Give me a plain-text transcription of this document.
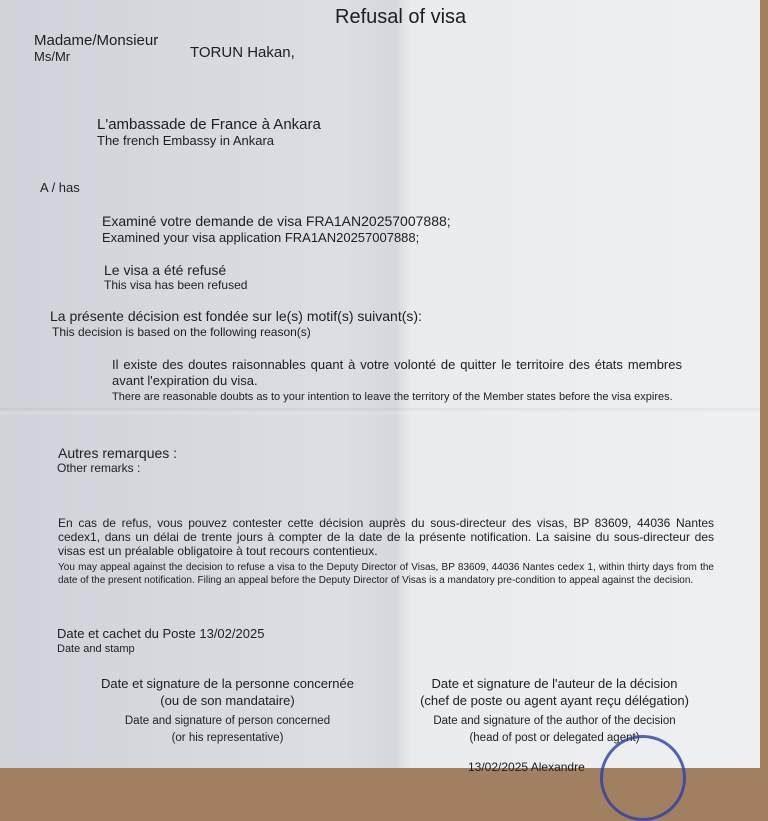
Refusal of visa
Madame/Monsieur
Ms/Mr	TORUN Hakan,
L'ambassade de France à Ankara
The french Embassy in Ankara
A / has
Examiné votre demande de visa FRA1AN20257007888;
Examined your visa application FRA1AN20257007888;
Le visa a été refusé
This visa has been refused
La présente décision est fondée sur le(s) motif(s) suivant(s):
This decision is based on the following reason(s)
Il existe des doutes raisonnables quant à votre volonté de quitter le territoire des états membres avant l'expiration du visa.
There are reasonable doubts as to your intention to leave the territory of the Member states before the visa expires.
Autres remarques :
Other remarks :
En cas de refus, vous pouvez contester cette décision auprès du sous-directeur des visas, BP 83609, 44036 Nantes cedex1, dans un délai de trente jours à compter de la date de la présente notification. La saisine du sous-directeur des visas est un préalable obligatoire à tout recours contentieux.
You may appeal against the decision to refuse a visa to the Deputy Director of Visas, BP 83609, 44036 Nantes cedex 1, within thirty days from the date of the present notification. Filing an appeal before the Deputy Director of Visas is a mandatory pre-condition to appeal against the decision.
Date et cachet du Poste 13/02/2025
Date and stamp
Date et signature de la personne concernée
(ou de son mandataire)
Date and signature of person concerned
(or his representative)
Date et signature de l'auteur de la décision
(chef de poste ou agent ayant reçu délégation)
Date and signature of the author of the decision
(head of post or delegated agent)
13/02/2025 Alexandre
